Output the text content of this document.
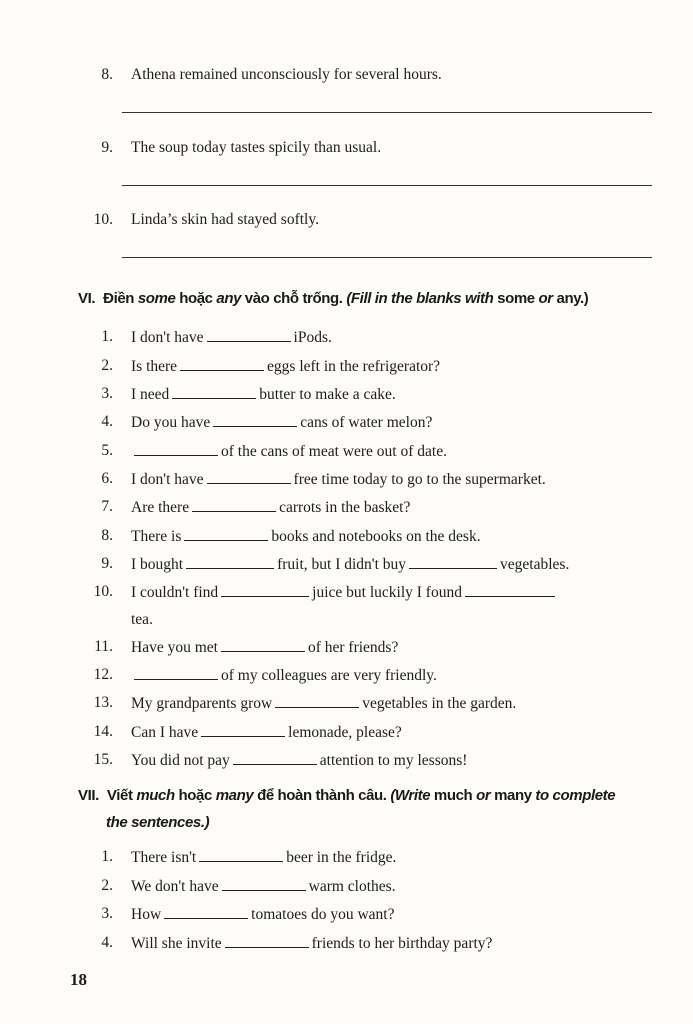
8. Athena remained unconsciously for several hours.
9. The soup today tastes spicily than usual.
10. Linda’s skin had stayed softly.
VI. Điền some hoặc any vào chỗ trống. (Fill in the blanks with some or any.)
1. I don't have	iPods.
2. Is there	eggs left in the refrigerator?
3. I need	butter to make a cake.
4. Do you have	cans of water melon?
5.	of the cans of meat were out of date.
6. I don't have	free time today to go to the supermarket.
7. Are there	carrots in the basket?
8. There is	books and notebooks on the desk.
9. I bought	fruit, but I didn't buy	vegetables.
10. I couldn't find	juice but luckily I found
tea.
11. Have you met	of her friends?
12.	of my colleagues are very friendly.
13. My grandparents grow	vegetables in the garden.
14. Can I have	lemonade, please?
15. You did not pay	attention to my lessons!
VII. Viết much hoặc many để hoàn thành câu. (Write much or many to complete
the sentences.)
1. There isn't	beer in the fridge.
2. We don't have	warm clothes.
3. How	tomatoes do you want?
4. Will she invite	friends to her birthday party?
18
